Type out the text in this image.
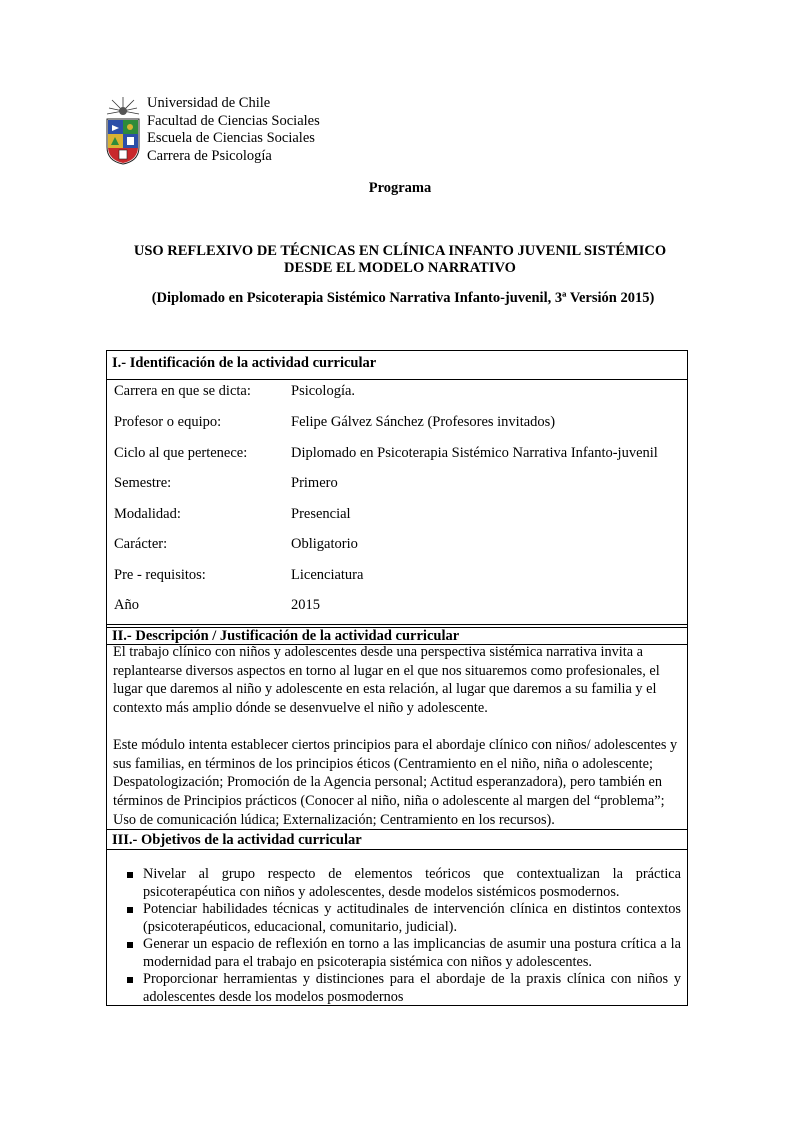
Universidad de Chile
Facultad de Ciencias Sociales
Escuela de Ciencias Sociales
Carrera de Psicología
Programa
USO REFLEXIVO DE TÉCNICAS EN CLÍNICA INFANTO JUVENIL SISTÉMICO
DESDE EL MODELO NARRATIVO
(Diplomado en Psicoterapia Sistémico Narrativa Infanto-juvenil, 3ª Versión 2015)
I.- Identificación de la actividad curricular
Carrera en que se dicta:	Psicología.
Profesor o equipo:	Felipe Gálvez Sánchez (Profesores invitados)
Ciclo al que pertenece:	Diplomado en Psicoterapia Sistémico Narrativa Infanto-juvenil
Semestre:	Primero
Modalidad:	Presencial
Carácter:	Obligatorio
Pre - requisitos:	Licenciatura
Año	2015
II.- Descripción / Justificación de la actividad curricular

El trabajo clínico con niños y adolescentes desde una perspectiva sistémica narrativa invita a replantearse diversos aspectos en torno al lugar en el que nos situaremos como profesionales, el lugar que daremos al niño y adolescente en esta relación, al lugar que daremos a su familia y el contexto más amplio dónde se desenvuelve el niño y adolescente.

Este módulo intenta establecer ciertos principios para el abordaje clínico con niños/ adolescentes y sus familias, en términos de los principios éticos (Centramiento en el niño, niña o adolescente; Despatologización; Promoción de la Agencia personal; Actitud esperanzadora), pero también en términos de Principios prácticos (Conocer al niño, niña o adolescente al margen del “problema”; Uso de comunicación lúdica; Externalización; Centramiento en los recursos).

III.- Objetivos de la actividad curricular
Nivelar al grupo respecto de elementos teóricos que contextualizan la práctica psicoterapéutica con niños y adolescentes, desde modelos sistémicos posmodernos.
Potenciar habilidades técnicas y actitudinales de intervención clínica en distintos contextos (psicoterapéuticos, educacional, comunitario, judicial).
Generar un espacio de reflexión en torno a las implicancias de asumir una postura crítica a la modernidad para el trabajo en psicoterapia sistémica con niños y adolescentes.
Proporcionar herramientas y distinciones para el abordaje de la praxis clínica con niños y adolescentes desde los modelos posmodernos
